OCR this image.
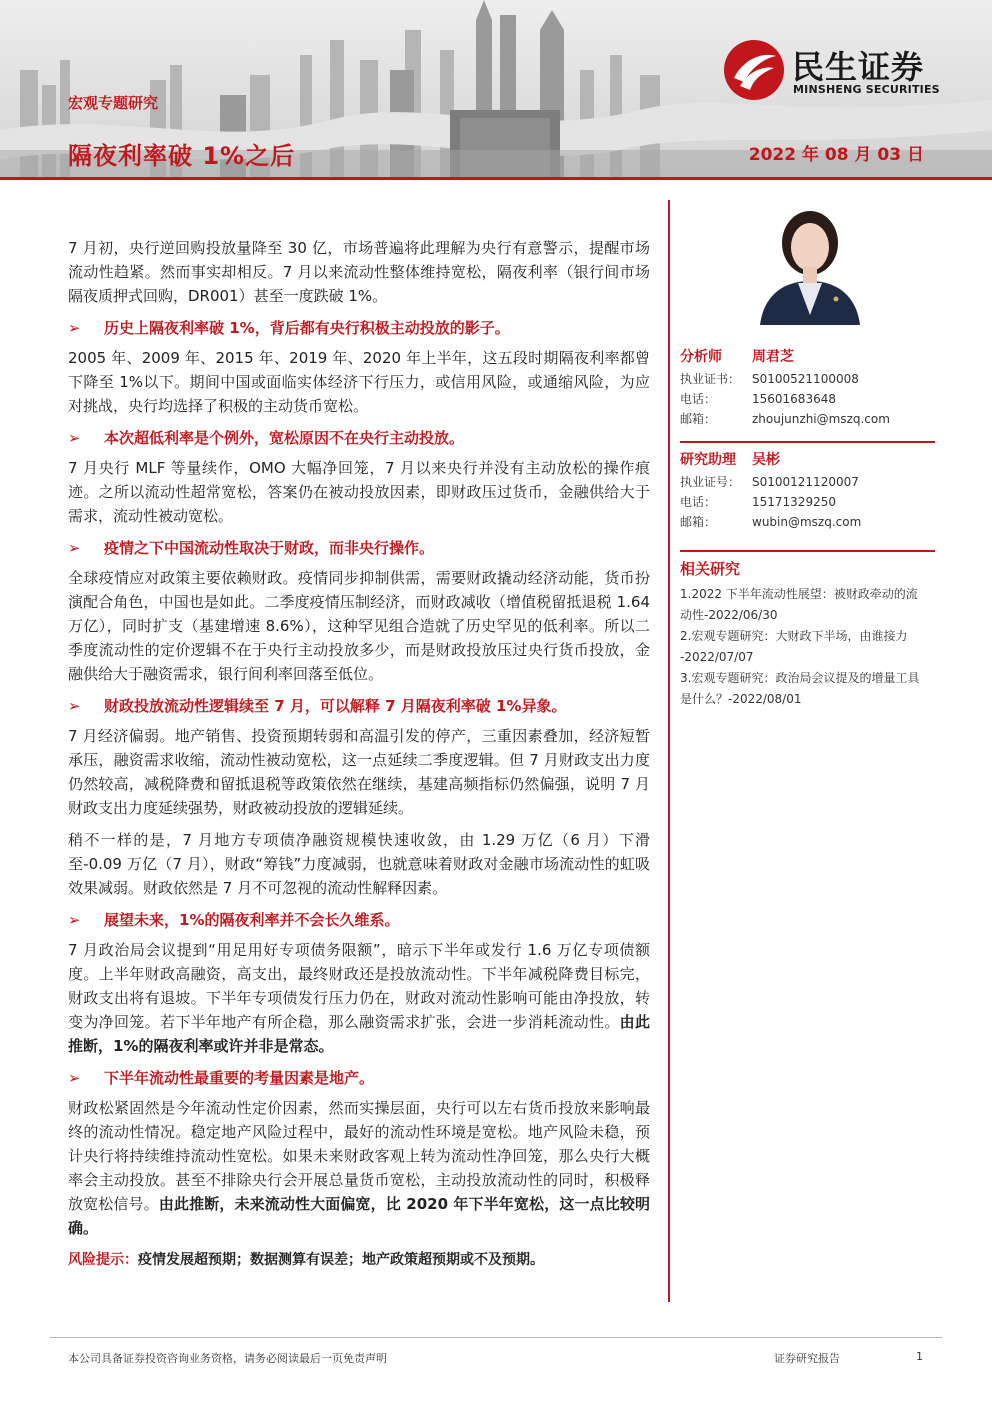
宏观专题研究
隔夜利率破 1%之后	2022 年 08 月 03 日
民生证券
MINSHENG SECURITIES

7 月初，央行逆回购投放量降至 30 亿，市场普遍将此理解为央行有意警示，提醒市场流动性趋紧。然而事实却相反。7 月以来流动性整体维持宽松，隔夜利率（银行间市场隔夜质押式回购，DR001）甚至一度跌破 1%。

➢ 历史上隔夜利率破 1%，背后都有央行积极主动投放的影子。

2005 年、2009 年、2015 年、2019 年、2020 年上半年，这五段时期隔夜利率都曾下降至 1%以下。期间中国或面临实体经济下行压力，或信用风险，或通缩风险，为应对挑战，央行均选择了积极的主动货币宽松。

➢ 本次超低利率是个例外，宽松原因不在央行主动投放。

7 月央行 MLF 等量续作，OMO 大幅净回笼，7 月以来央行并没有主动放松的操作痕迹。之所以流动性超常宽松，答案仍在被动投放因素，即财政压过货币，金融供给大于需求，流动性被动宽松。

➢ 疫情之下中国流动性取决于财政，而非央行操作。

全球疫情应对政策主要依赖财政。疫情同步抑制供需，需要财政撬动经济动能，货币扮演配合角色，中国也是如此。二季度疫情压制经济，而财政减收（增值税留抵退税 1.64 万亿），同时扩支（基建增速 8.6%），这种罕见组合造就了历史罕见的低利率。所以二季度流动性的定价逻辑不在于央行主动投放多少，而是财政投放压过央行货币投放，金融供给大于融资需求，银行间利率回落至低位。

➢ 财政投放流动性逻辑续至 7 月，可以解释 7 月隔夜利率破 1%异象。

7 月经济偏弱。地产销售、投资预期转弱和高温引发的停产，三重因素叠加，经济短暂承压，融资需求收缩，流动性被动宽松，这一点延续二季度逻辑。但 7 月财政支出力度仍然较高，减税降费和留抵退税等政策依然在继续，基建高频指标仍然偏强，说明 7 月财政支出力度延续强势，财政被动投放的逻辑延续。

稍不一样的是，7 月地方专项债净融资规模快速收敛，由 1.29 万亿（6 月）下滑至-0.09 万亿（7 月），财政“筹钱”力度减弱，也就意味着财政对金融市场流动性的虹吸效果减弱。财政依然是 7 月不可忽视的流动性解释因素。

➢ 展望未来，1%的隔夜利率并不会长久维系。

7 月政治局会议提到“用足用好专项债务限额”，暗示下半年或发行 1.6 万亿专项债额度。上半年财政高融资，高支出，最终财政还是投放流动性。下半年减税降费目标完，财政支出将有退坡。下半年专项债发行压力仍在，财政对流动性影响可能由净投放，转变为净回笼。若下半年地产有所企稳，那么融资需求扩张，会进一步消耗流动性。由此推断，1%的隔夜利率或许并非是常态。

➢ 下半年流动性最重要的考量因素是地产。

财政松紧固然是今年流动性定价因素，然而实操层面，央行可以左右货币投放来影响最终的流动性情况。稳定地产风险过程中，最好的流动性环境是宽松。地产风险未稳，预计央行将持续维持流动性宽松。如果未来财政客观上转为流动性净回笼，那么央行大概率会主动投放。甚至不排除央行会开展总量货币宽松，主动投放流动性的同时，积极释放宽松信号。由此推断，未来流动性大面偏宽，比 2020 年下半年宽松，这一点比较明确。

风险提示：疫情发展超预期；数据测算有误差；地产政策超预期或不及预期。
分析师	周君芝
执业证书： S0100521100008
电话：	15601683648
邮箱：	zhoujunzhi@mszq.com
研究助理	吴彬
执业证号： S0100121120007
电话：	15171329250
邮箱：	wubin@mszq.com
相关研究
1.2022 下半年流动性展望：被财政牵动的流动性-2022/06/30
2.宏观专题研究：大财政下半场，由谁接力 -2022/07/07
3.宏观专题研究：政治局会议提及的增量工具是什么？-2022/08/01
本公司具备证券投资咨询业务资格，请务必阅读最后一页免责声明	证券研究报告	1
